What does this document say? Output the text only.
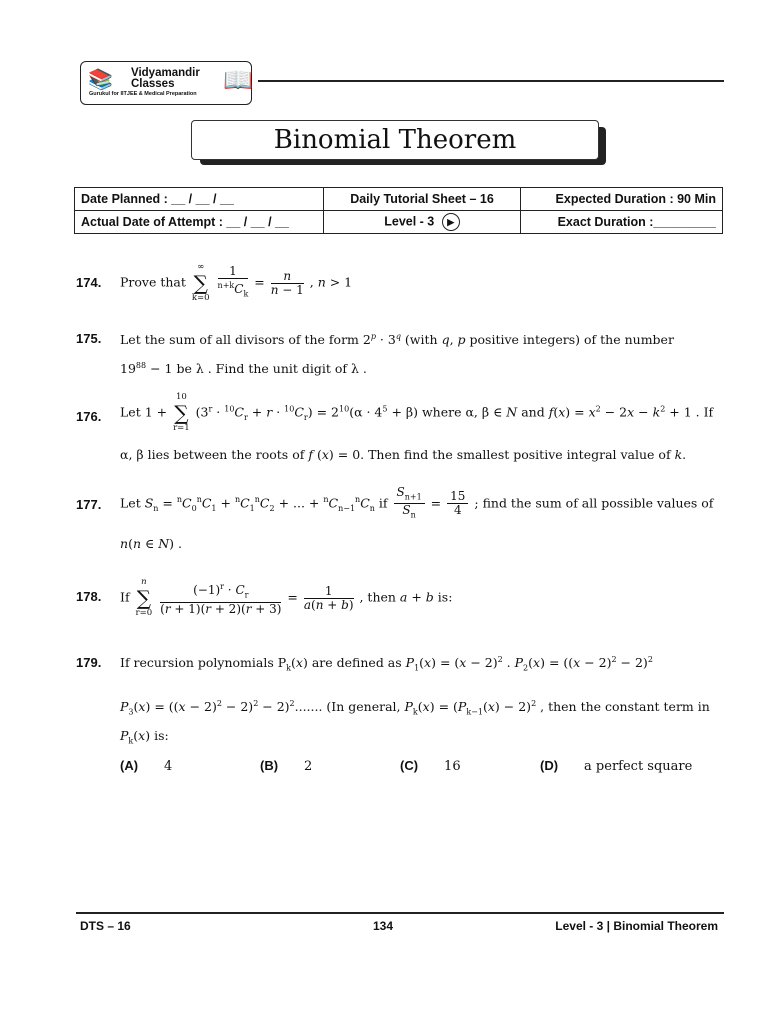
📚 Vidyamandir
Classes
Gurukul for IITJEE & Medical Preparation 📖
Binomial Theorem
Date Planned : __ / __ / __	Daily Tutorial Sheet – 16	Expected Duration : 90 Min
Actual Date of Attempt : __ / __ / __	Level - 3 ▶	Exact Duration :_________
174. Prove that
∞
∑
k=0
$\frac{1}{^{n+k}C_k} = \frac{n}{n - 1}$ , n > 1
175. Let the sum of all divisors of the form $2^p \cdot 3^q$ (with q, p positive integers) of the number
$19^{88} - 1$ be λ . Find the unit digit of λ .
176. Let 1 +
10
∑
r=1
$(3^r \cdot ^{10}C_r + r \cdot ^{10}C_r) = 2^{10}(\alpha \cdot 4^5 + \beta)$ where α, β ∈ N and $f(x) = x^2 - 2x - k^2 + 1$ . If
α, β lies between the roots of f (x) = 0. Then find the smallest positive integral value of k.
177. Let $S_n = ^nC_0^nC_1 + ^nC_1^nC_2$ + ... + $^nC_{n-1}^nC_n$ if $\frac{S_{n+1}}{S_n} = \frac{15}{4}$ ; find the sum of all possible values of
n(n ∈ N) .
178. If
n
∑
r=0
$\frac{(-1)^r \cdot C_r}{(r + 1)(r + 2)(r + 3)} = \frac{1}{a(n + b)}$ , then a + b is:
179. If recursion polynomials $P_k(x)$ are defined as $P_1(x) = (x - 2)^2$ . $P_2(x) = ((x - 2)^2 - 2)^2$
$P_3(x) = ((x - 2)^2 - 2)^2 - 2)^2$....... (In general, $P_k(x) = (P_{k-1}(x) - 2)^2$ , then the constant term in
$P_k(x)$ is:
(A) 4	(B) 2	(C) 16	(D) a perfect square
DTS – 16	134	Level - 3 | Binomial Theorem
